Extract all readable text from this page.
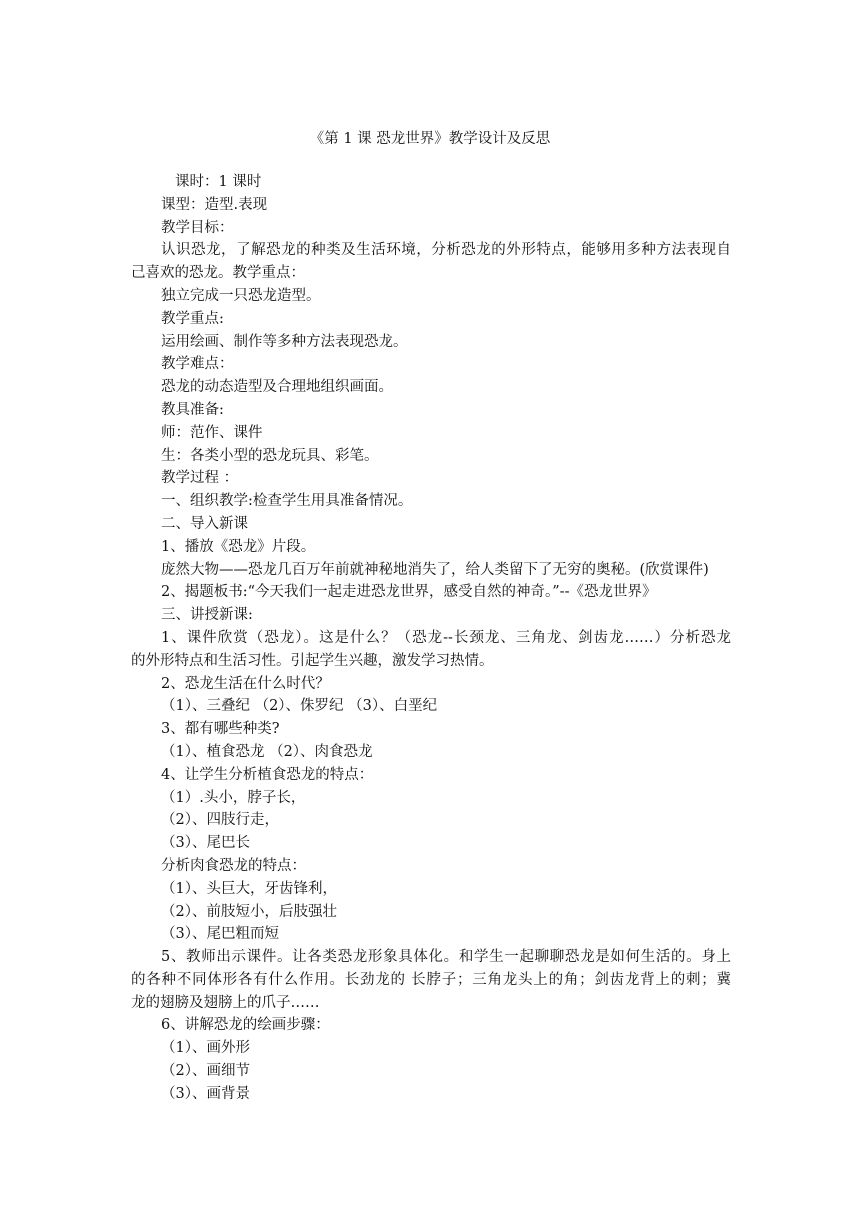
《第 1 课 恐龙世界》教学设计及反思
课时：1 课时
课型：造型.表现
教学目标：
认识恐龙，了解恐龙的种类及生活环境，分析恐龙的外形特点，能够用多种方法表现自
己喜欢的恐龙。教学重点：
独立完成一只恐龙造型。
教学重点:
运用绘画、制作等多种方法表现恐龙。
教学难点：
恐龙的动态造型及合理地组织画面。
教具准备:
师：范作、课件
生：各类小型的恐龙玩具、彩笔。
教学过程 ：
一、组织教学:检查学生用具准备情况。
二、导入新课
1、播放《恐龙》片段。
庞然大物——恐龙几百万年前就神秘地消失了，给人类留下了无穷的奥秘。(欣赏课件)
2、揭题板书:“今天我们一起走进恐龙世界，感受自然的神奇。”--《恐龙世界》
三、讲授新课:
1、课件欣赏（恐龙）。这是什么？（恐龙--长颈龙、三角龙、剑齿龙……）分析恐龙
的外形特点和生活习性。引起学生兴趣，激发学习热情。
2、恐龙生活在什么时代？
（1）、三叠纪 （2）、侏罗纪 （3）、白垩纪
3、都有哪些种类?
（1）、植食恐龙 （2）、肉食恐龙
4、让学生分析植食恐龙的特点：
（1）.头小，脖子长，
（2）、四肢行走，
（3）、尾巴长
分析肉食恐龙的特点：
（1）、头巨大，牙齿锋利，
（2）、前肢短小，后肢强壮
（3）、尾巴粗而短
5、教师出示课件。让各类恐龙形象具体化。和学生一起聊聊恐龙是如何生活的。身上
的各种不同体形各有什么作用。长劲龙的 长脖子；三角龙头上的角；剑齿龙背上的刺；冀
龙的翅膀及翅膀上的爪子……
6、讲解恐龙的绘画步骤：
（1）、画外形
（2）、画细节
（3）、画背景
